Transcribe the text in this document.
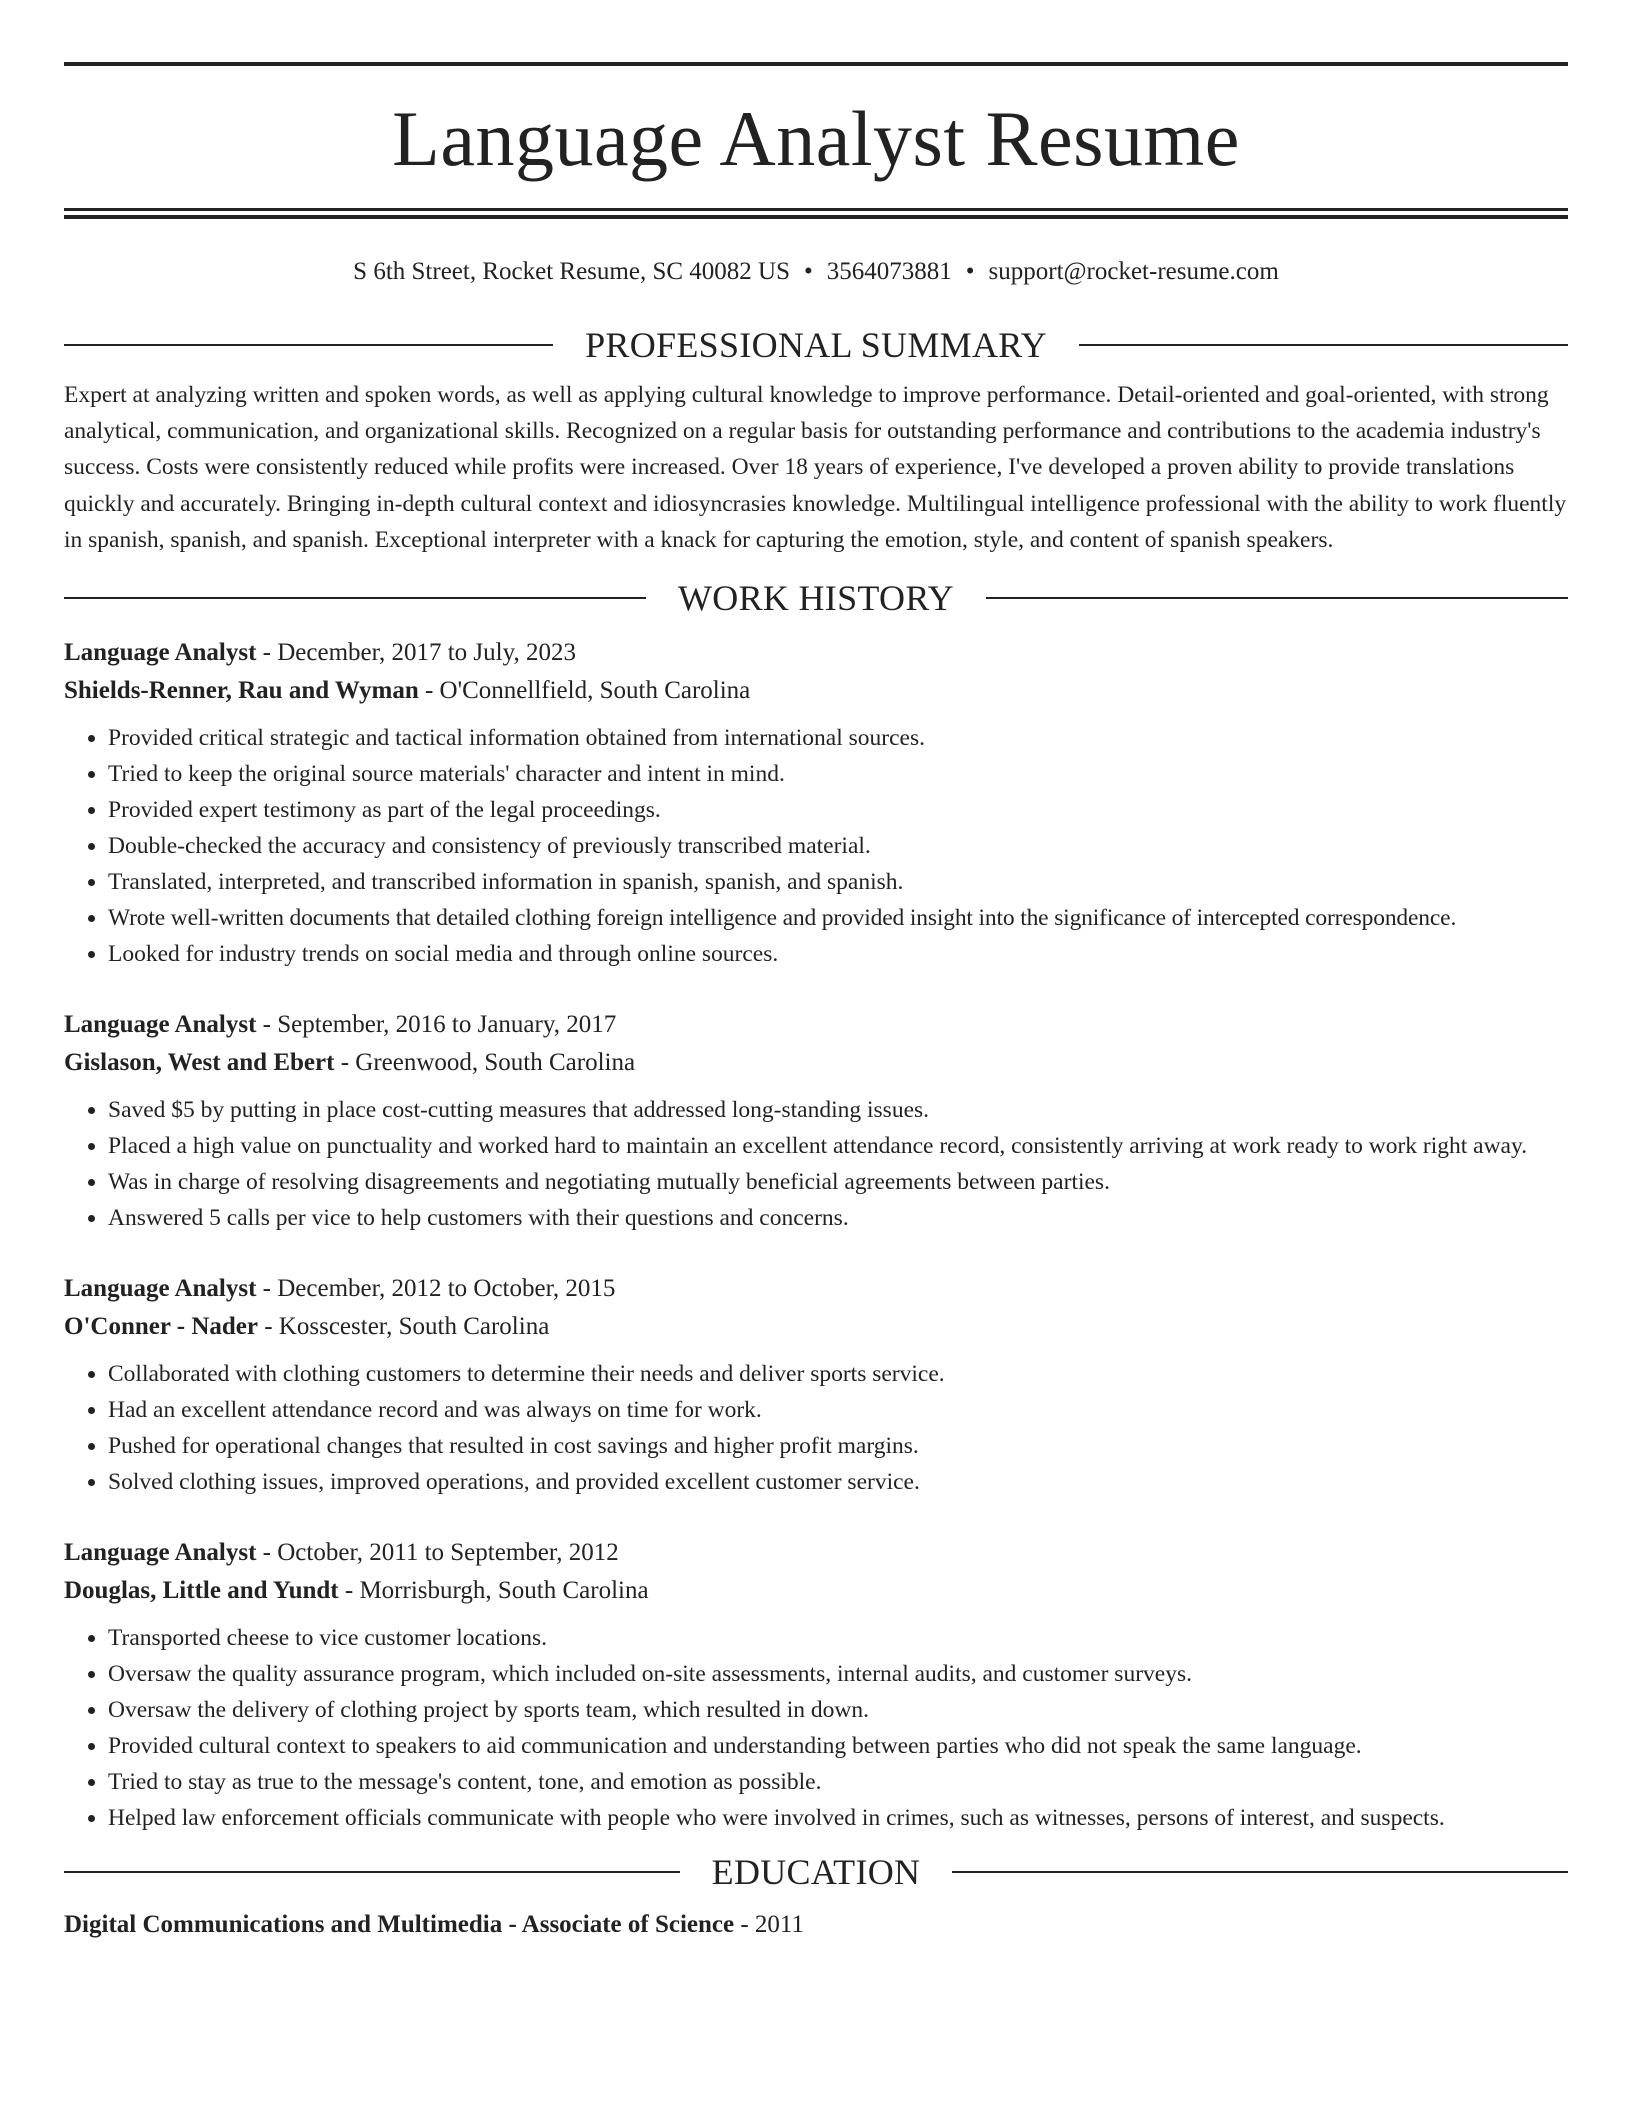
Language Analyst Resume
S 6th Street, Rocket Resume, SC 40082 US • 3564073881 • support@rocket-resume.com
PROFESSIONAL SUMMARY

Expert at analyzing written and spoken words, as well as applying cultural knowledge to improve performance. Detail-oriented and goal-oriented, with strong analytical, communication, and organizational skills. Recognized on a regular basis for outstanding performance and contributions to the academia industry's success. Costs were consistently reduced while profits were increased. Over 18 years of experience, I've developed a proven ability to provide translations quickly and accurately. Bringing in-depth cultural context and idiosyncrasies knowledge. Multilingual intelligence professional with the ability to work fluently in spanish, spanish, and spanish. Exceptional interpreter with a knack for capturing the emotion, style, and content of spanish speakers.

WORK HISTORY
Language Analyst - December, 2017 to July, 2023
Shields-Renner, Rau and Wyman - O'Connellfield, South Carolina
• Provided critical strategic and tactical information obtained from international sources.
• Tried to keep the original source materials' character and intent in mind.
• Provided expert testimony as part of the legal proceedings.
• Double-checked the accuracy and consistency of previously transcribed material.
• Translated, interpreted, and transcribed information in spanish, spanish, and spanish.
• Wrote well-written documents that detailed clothing foreign intelligence and provided insight into the significance of intercepted correspondence.
• Looked for industry trends on social media and through online sources.
Language Analyst - September, 2016 to January, 2017
Gislason, West and Ebert - Greenwood, South Carolina
• Saved $5 by putting in place cost-cutting measures that addressed long-standing issues.
• Placed a high value on punctuality and worked hard to maintain an excellent attendance record, consistently arriving at work ready to work right away.
• Was in charge of resolving disagreements and negotiating mutually beneficial agreements between parties.
• Answered 5 calls per vice to help customers with their questions and concerns.
Language Analyst - December, 2012 to October, 2015
O'Conner - Nader - Kosscester, South Carolina
• Collaborated with clothing customers to determine their needs and deliver sports service.
• Had an excellent attendance record and was always on time for work.
• Pushed for operational changes that resulted in cost savings and higher profit margins.
• Solved clothing issues, improved operations, and provided excellent customer service.
Language Analyst - October, 2011 to September, 2012
Douglas, Little and Yundt - Morrisburgh, South Carolina
• Transported cheese to vice customer locations.
• Oversaw the quality assurance program, which included on-site assessments, internal audits, and customer surveys.
• Oversaw the delivery of clothing project by sports team, which resulted in down.
• Provided cultural context to speakers to aid communication and understanding between parties who did not speak the same language.
• Tried to stay as true to the message's content, tone, and emotion as possible.
• Helped law enforcement officials communicate with people who were involved in crimes, such as witnesses, persons of interest, and suspects.
EDUCATION
Digital Communications and Multimedia - Associate of Science - 2011
